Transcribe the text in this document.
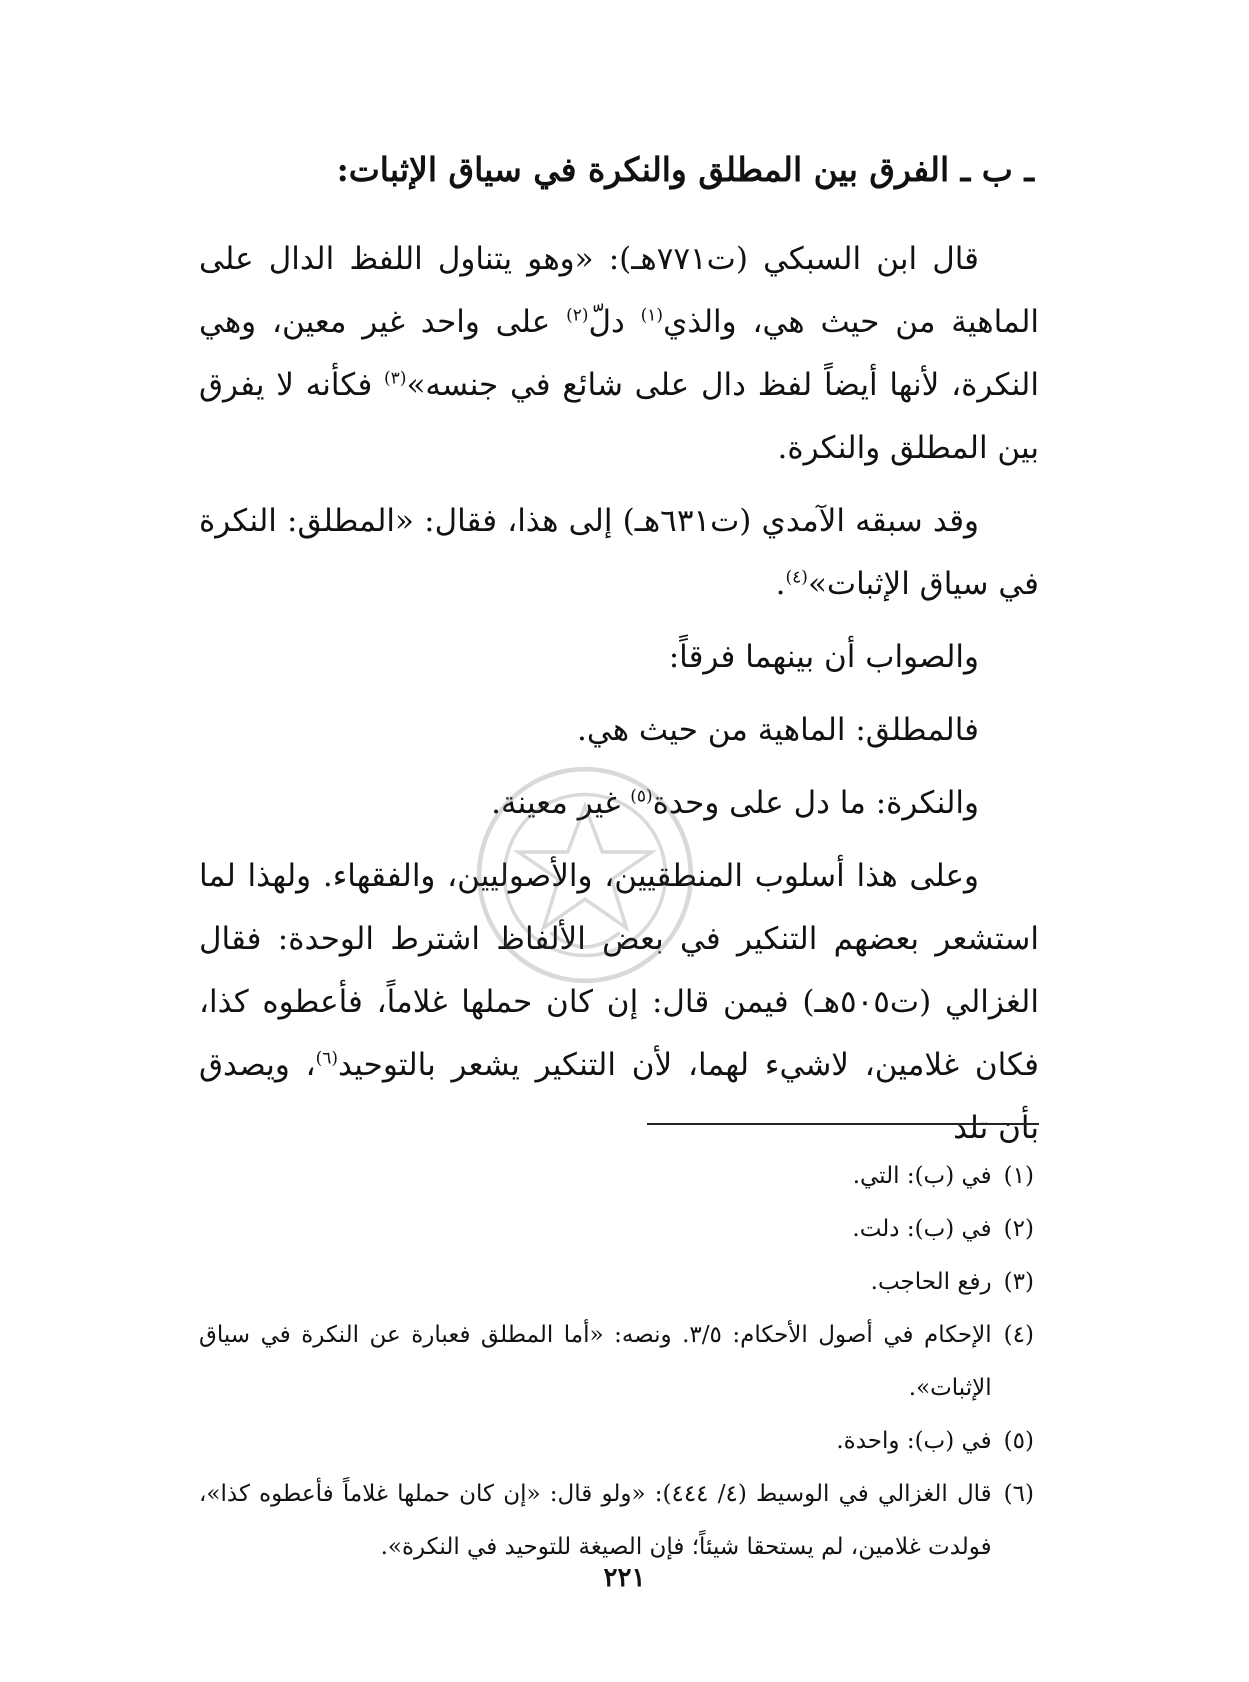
ـ ب ـ الفرق بين المطلق والنكرة في سياق الإثبات:

قال ابن السبكي (ت٧٧١هـ): «وهو يتناول اللفظ الدال على الماهية من حيث هي، والذي$^{(١)}$ دلّ$^{(٢)}$ على واحد غير معين، وهي النكرة، لأنها أيضاً لفظ دال على شائع في جنسه»$^{(٣)}$ فكأنه لا يفرق بين المطلق والنكرة.

وقد سبقه الآمدي (ت٦٣١هـ) إلى هذا، فقال: «المطلق: النكرة في سياق الإثبات»$^{(٤)}$.

والصواب أن بينهما فرقاً:

فالمطلق: الماهية من حيث هي.

والنكرة: ما دل على وحدة$^{(٥)}$ غير معينة.

وعلى هذا أسلوب المنطقيين، والأصوليين، والفقهاء. ولهذا لما استشعر بعضهم التنكير في بعض الألفاظ اشترط الوحدة: فقال الغزالي (ت٥٠٥هـ) فيمن قال: إن كان حملها غلاماً، فأعطوه كذا، فكان غلامين، لاشيء لهما، لأن التنكير يشعر بالتوحيد$^{(٦)}$، ويصدق بأن تلد

(١)
في (ب): التي.
(٢)
في (ب): دلت.
(٣)
رفع الحاجب.
(٤)
الإحكام في أصول الأحكام: ٣/٥. ونصه: «أما المطلق فعبارة عن النكرة في سياق الإثبات».
(٥)
في (ب): واحدة.
(٦)
قال الغزالي في الوسيط (٤/ ٤٤٤): «ولو قال: «إن كان حملها غلاماً فأعطوه كذا»، فولدت غلامين، لم يستحقا شيئاً؛ فإن الصيغة للتوحيد في النكرة».
٢٢١
